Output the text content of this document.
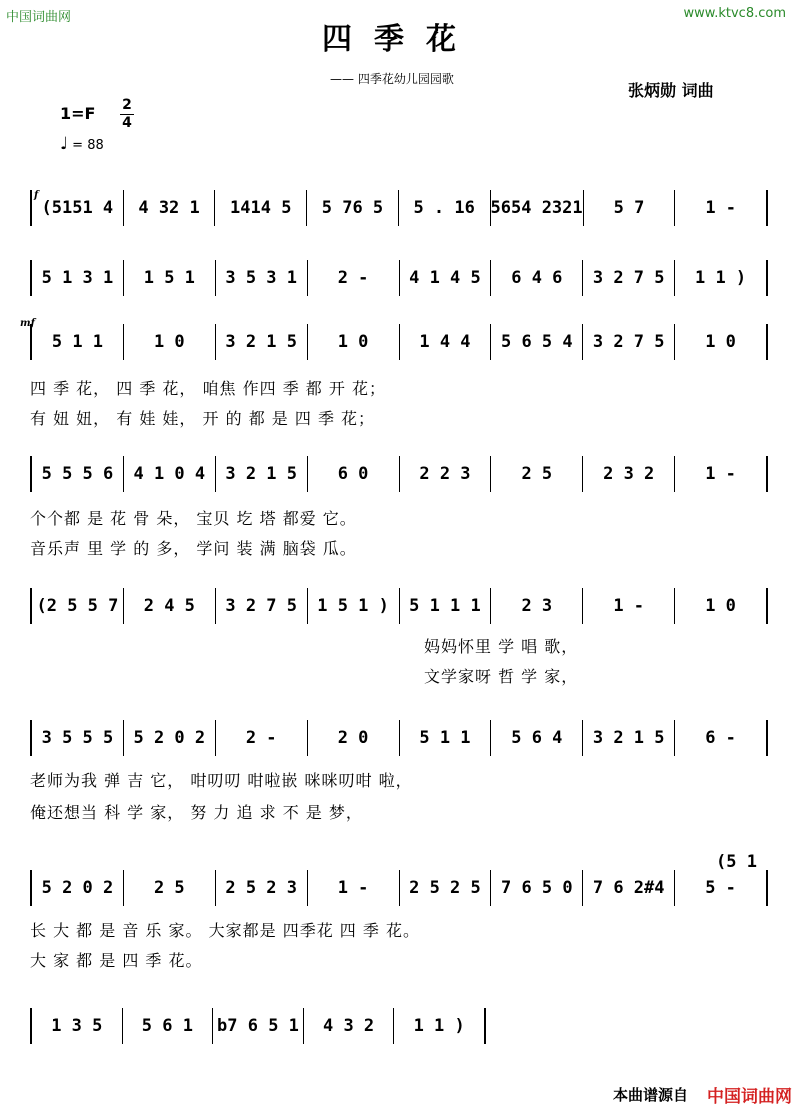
中国词曲网	www.ktvc8.com
四季花
—— 四季花幼儿园园歌
张炳勋 词曲
1=F 2
4
♩ = 88
f
(5151 4	4 32 1	1414 5	5 76 5	5 . 16 5654 2321	5 7	1 -
5 1 3 1	1 5 1	3 5 3 1	2 -	4 1 4 5	6 4 6	3 2 7 5	1 1 )
mf
5 1 1	1 0	3 2 1 5	1 0	1 4 4	5 6 5 4	3 2 7 5	1 0
四 季 花， 四 季 花， 咱焦 作四 季 都 开 花；
有 妞 妞， 有 娃 娃， 开 的 都 是 四 季 花；
5 5 5 6	4 1 0 4	3 2 1 5	6 0	2 2 3	2 5	2 3 2	1 -
个个都 是 花 骨 朵， 宝贝 圪 塔 都爱 它。
音乐声 里 学 的 多， 学问 装 满 脑袋 瓜。
(2 5 5 7	2 4 5	3 2 7 5	1 5 1 )	5 1 1 1	2 3	1 -	1 0
妈妈怀里 学 唱 歌，
文学家呀 哲 学 家，
3 5 5 5	5 2 0 2	2 -	2 0	5 1 1	5 6 4	3 2 1 5	6 -
老师为我 弹 吉 它， 咁叨叨 咁啦嵌 咪咪叨咁 啦，
俺还想当 科 学 家， 努 力 追 求 不 是 梦，
(5 1
5 2 0 2	2 5	2 5 2 3	1 -	2 5 2 5	7 6 5 0	7 6 2#4	5 -
长 大 都 是 音 乐 家。 大家都是 四季花 四 季 花。
大 家 都 是 四 季 花。
1 3 5	5 6 1	b7 6 5 1	4 3 2	1 1 )
本曲谱源自 中国词曲网
